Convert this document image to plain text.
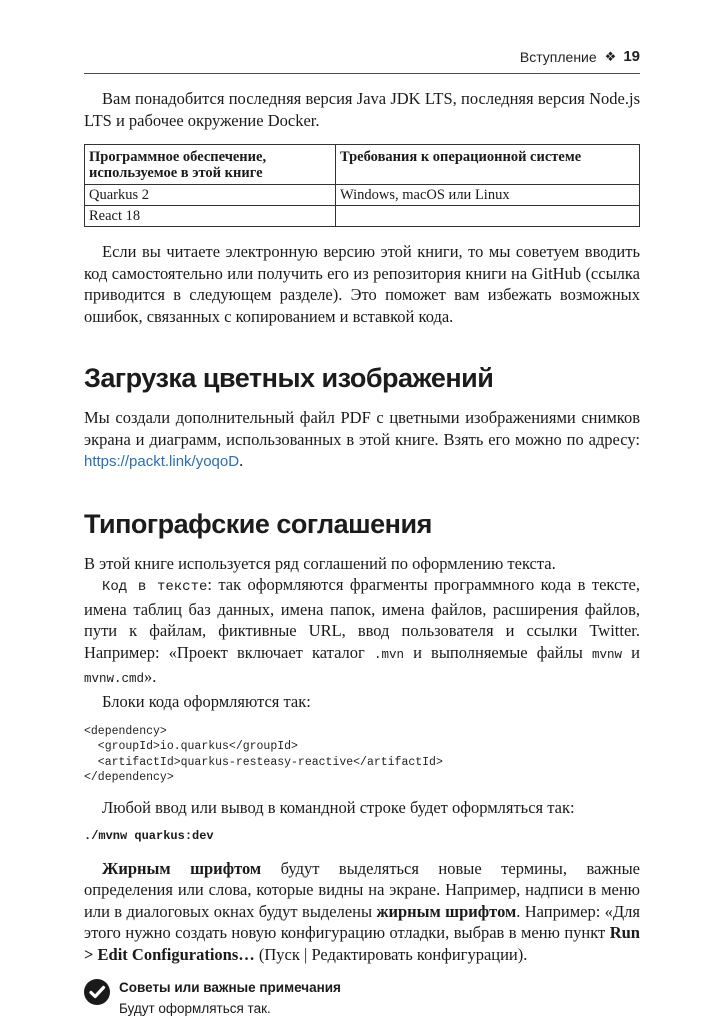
Вступление ❖ 19

Вам понадобится последняя версия Java JDK LTS, последняя версия Node.js LTS и рабочее окружение Docker.

Программное обеспечение, используемое в этой книге	Требования к операционной системе
Quarkus 2	Windows, macOS или Linux
React 18	

Если вы читаете электронную версию этой книги, то мы советуем вводить код самостоятельно или получить его из репозитория книги на GitHub (ссылка приводится в следующем разделе). Это поможет вам избежать возможных ошибок, связанных с копированием и вставкой кода.

Загрузка цветных изображений

Мы создали дополнительный файл PDF с цветными изображениями снимков экрана и диаграмм, использованных в этой книге. Взять его можно по адресу: https://packt.link/yoqoD.

Типографские соглашения

В этой книге используется ряд соглашений по оформлению текста.

Код в тексте: так оформляются фрагменты программного кода в тексте, имена таблиц баз данных, имена папок, имена файлов, расширения файлов, пути к файлам, фиктивные URL, ввод пользователя и ссылки Twitter. Например: «Проект включает каталог .mvn и выполняемые файлы mvnw и mvnw.cmd».

Блоки кода оформляются так:

<dependency>
<groupId>io.quarkus</groupId>
<artifactId>quarkus-resteasy-reactive</artifactId>
</dependency>

Любой ввод или вывод в командной строке будет оформляться так:

./mvnw quarkus:dev

Жирным шрифтом будут выделяться новые термины, важные определения или слова, которые видны на экране. Например, надписи в меню или в диалоговых окнах будут выделены жирным шрифтом. Например: «Для этого нужно создать новую конфигурацию отладки, выбрав в меню пункт Run > Edit Configurations… (Пуск | Редактировать конфигурации).

Советы или важные примечания
Будут оформляться так.
